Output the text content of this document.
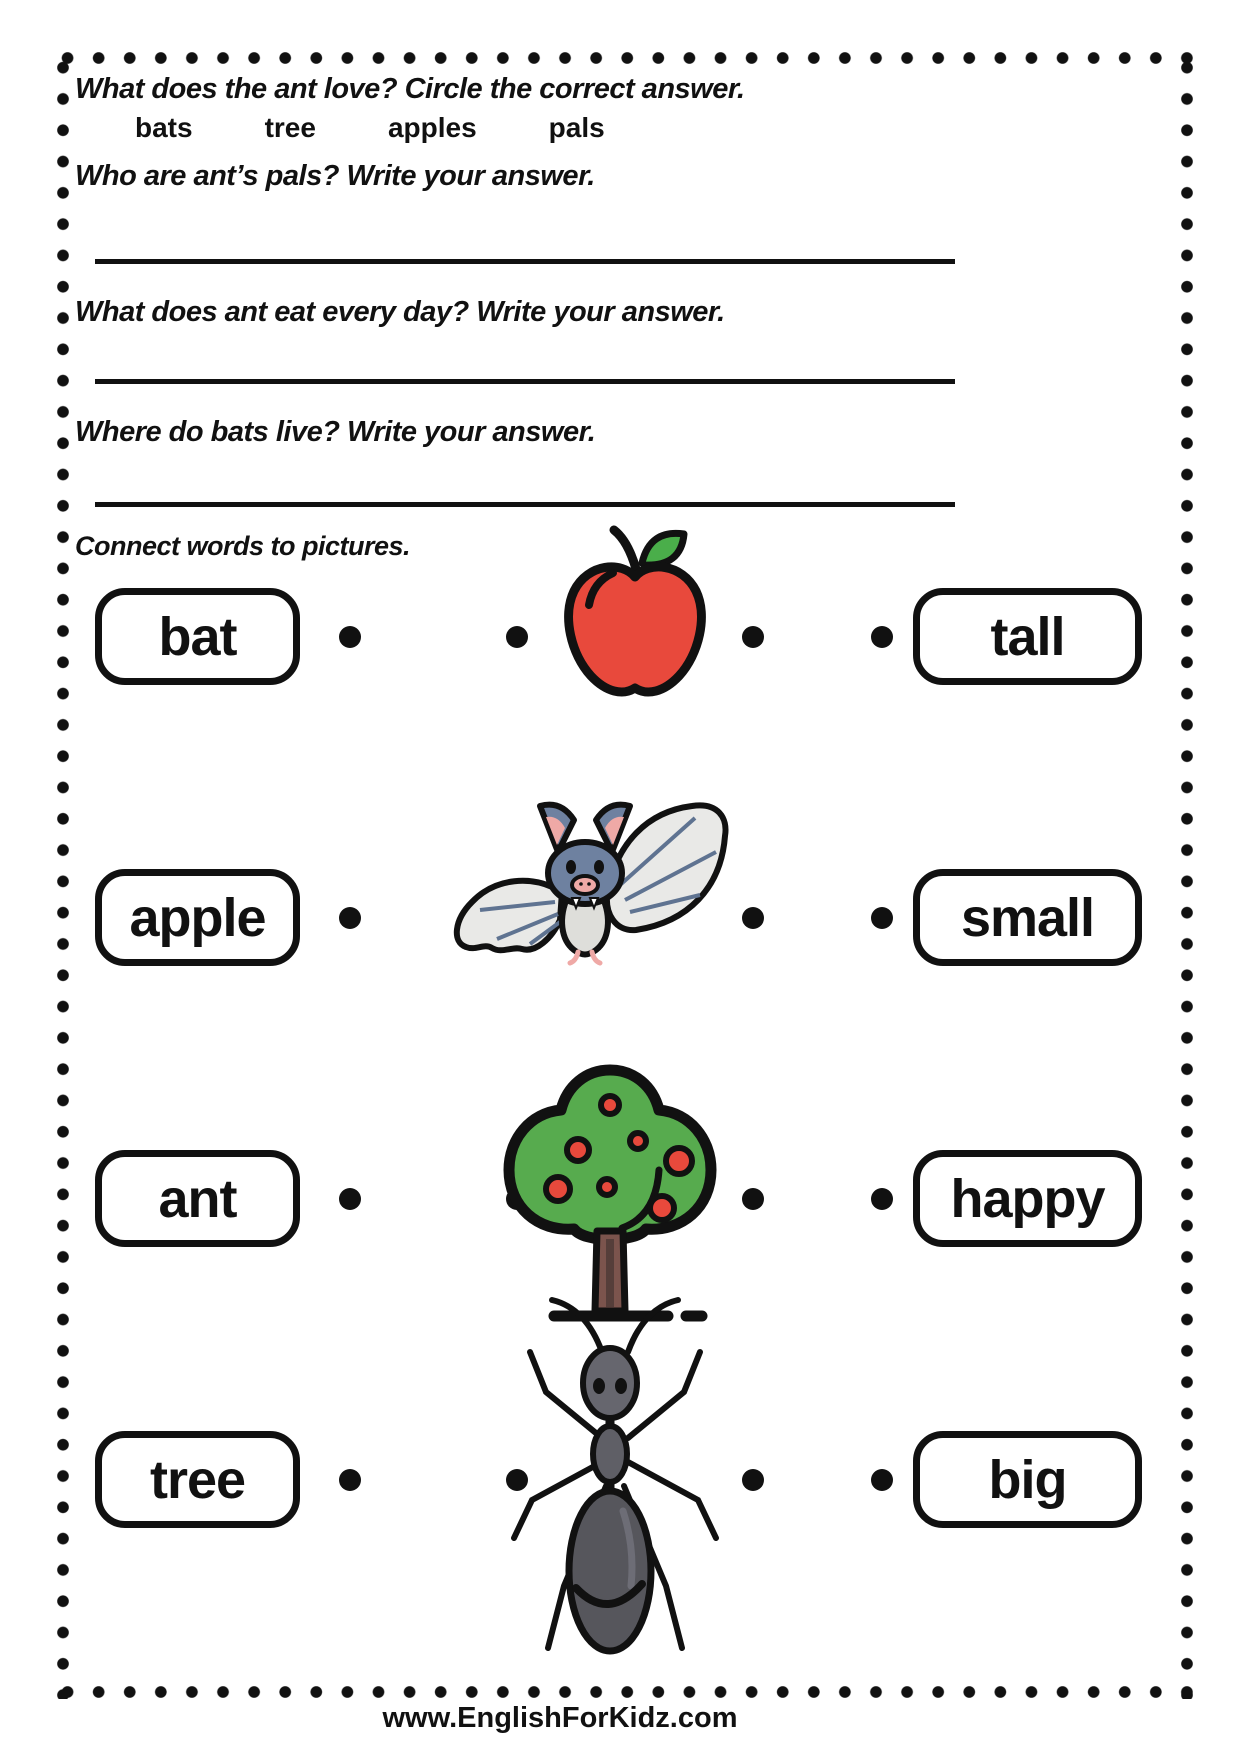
What does the ant love? Circle the correct answer.
bats	tree	apples	pals
Who are ant’s pals? Write your answer.
What does ant eat every day? Write your answer.
Where do bats live? Write your answer.
Connect words to pictures.
bat	tall
apple	small
ant	happy
tree	big
www.EnglishForKidz.com
